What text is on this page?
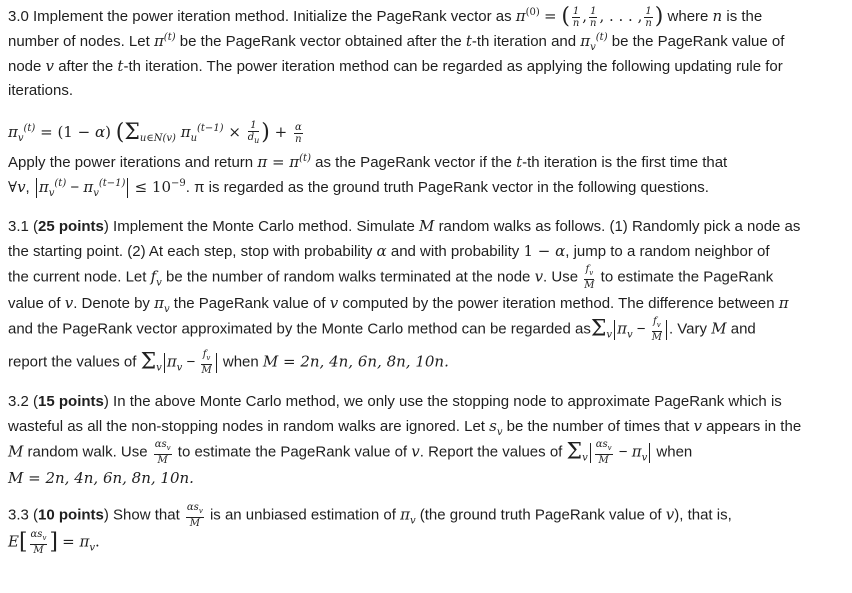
3.0 Implement the power iteration method. Initialize the PageRank vector as $\pi^{(0)}$ = ( $\frac{1}{n}$ , $\frac{1}{n}$ , . . . , $\frac{1}{n}$ ) where n is the

number of nodes. Let $\pi^{(t)}$ be the PageRank vector obtained after the t-th iteration and $\pi_v^{(t)}$ be the PageRank value of

node v after the t-th iteration. The power iteration method can be regarded as applying the following updating rule for

iterations.

$\pi_v^{(t)} = (1 - \alpha)$ ($\Sigma_{u\in N(v)}$ $\pi_u^{(t-1)} \times \frac{1}{d_u}$ ) + $\frac{\alpha}{n}$

Apply the power iterations and return $\pi = \pi^{(t)}$ as the PageRank vector if the t-th iteration is the first time that

∀v, $\pi_v^{(t)} - \pi_v^{(t-1)} \le 10^{-9}$. π is regarded as the ground truth PageRank vector in the following questions.

3.1 (25 points) Implement the Monte Carlo method. Simulate M random walks as follows. (1) Randomly pick a node as

the starting point. (2) At each step, stop with probability α and with probability 1 − α, jump to a random neighbor of

the current node. Let $f_v$ be the number of random walks terminated at the node v. Use $\frac{f_v}{M}$ to estimate the PageRank

value of v. Denote by $\pi_v$ the PageRank value of v computed by the power iteration method. The difference between π

and the PageRank vector approximated by the Monte Carlo method can be regarded asΣ$_v$ $\pi_v - \frac{f_v}{M}$ . Vary M and

report the values of $\Sigma_v$ $\pi_v - \frac{f_v}{M}$ when M = 2n, 4n, 6n, 8n, 10n.

3.2 (15 points) In the above Monte Carlo method, we only use the stopping node to approximate PageRank which is

wasteful as all the non-stopping nodes in random walks are ignored. Let $s_v$ be the number of times that v appears in the

M random walk. Use $\frac{\alpha s_v}{M}$ to estimate the PageRank value of v. Report the values of $\Sigma_v \frac{\alpha s_v}{M} - \pi_v$ when

M = 2n, 4n, 6n, 8n, 10n.

3.3 (10 points) Show that $\frac{\alpha s_v}{M}$ is an unbiased estimation of $\pi_v$ (the ground truth PageRank value of v), that is,

$E[ \frac{\alpha s_v}{M}$ ] = $\pi_v$.
